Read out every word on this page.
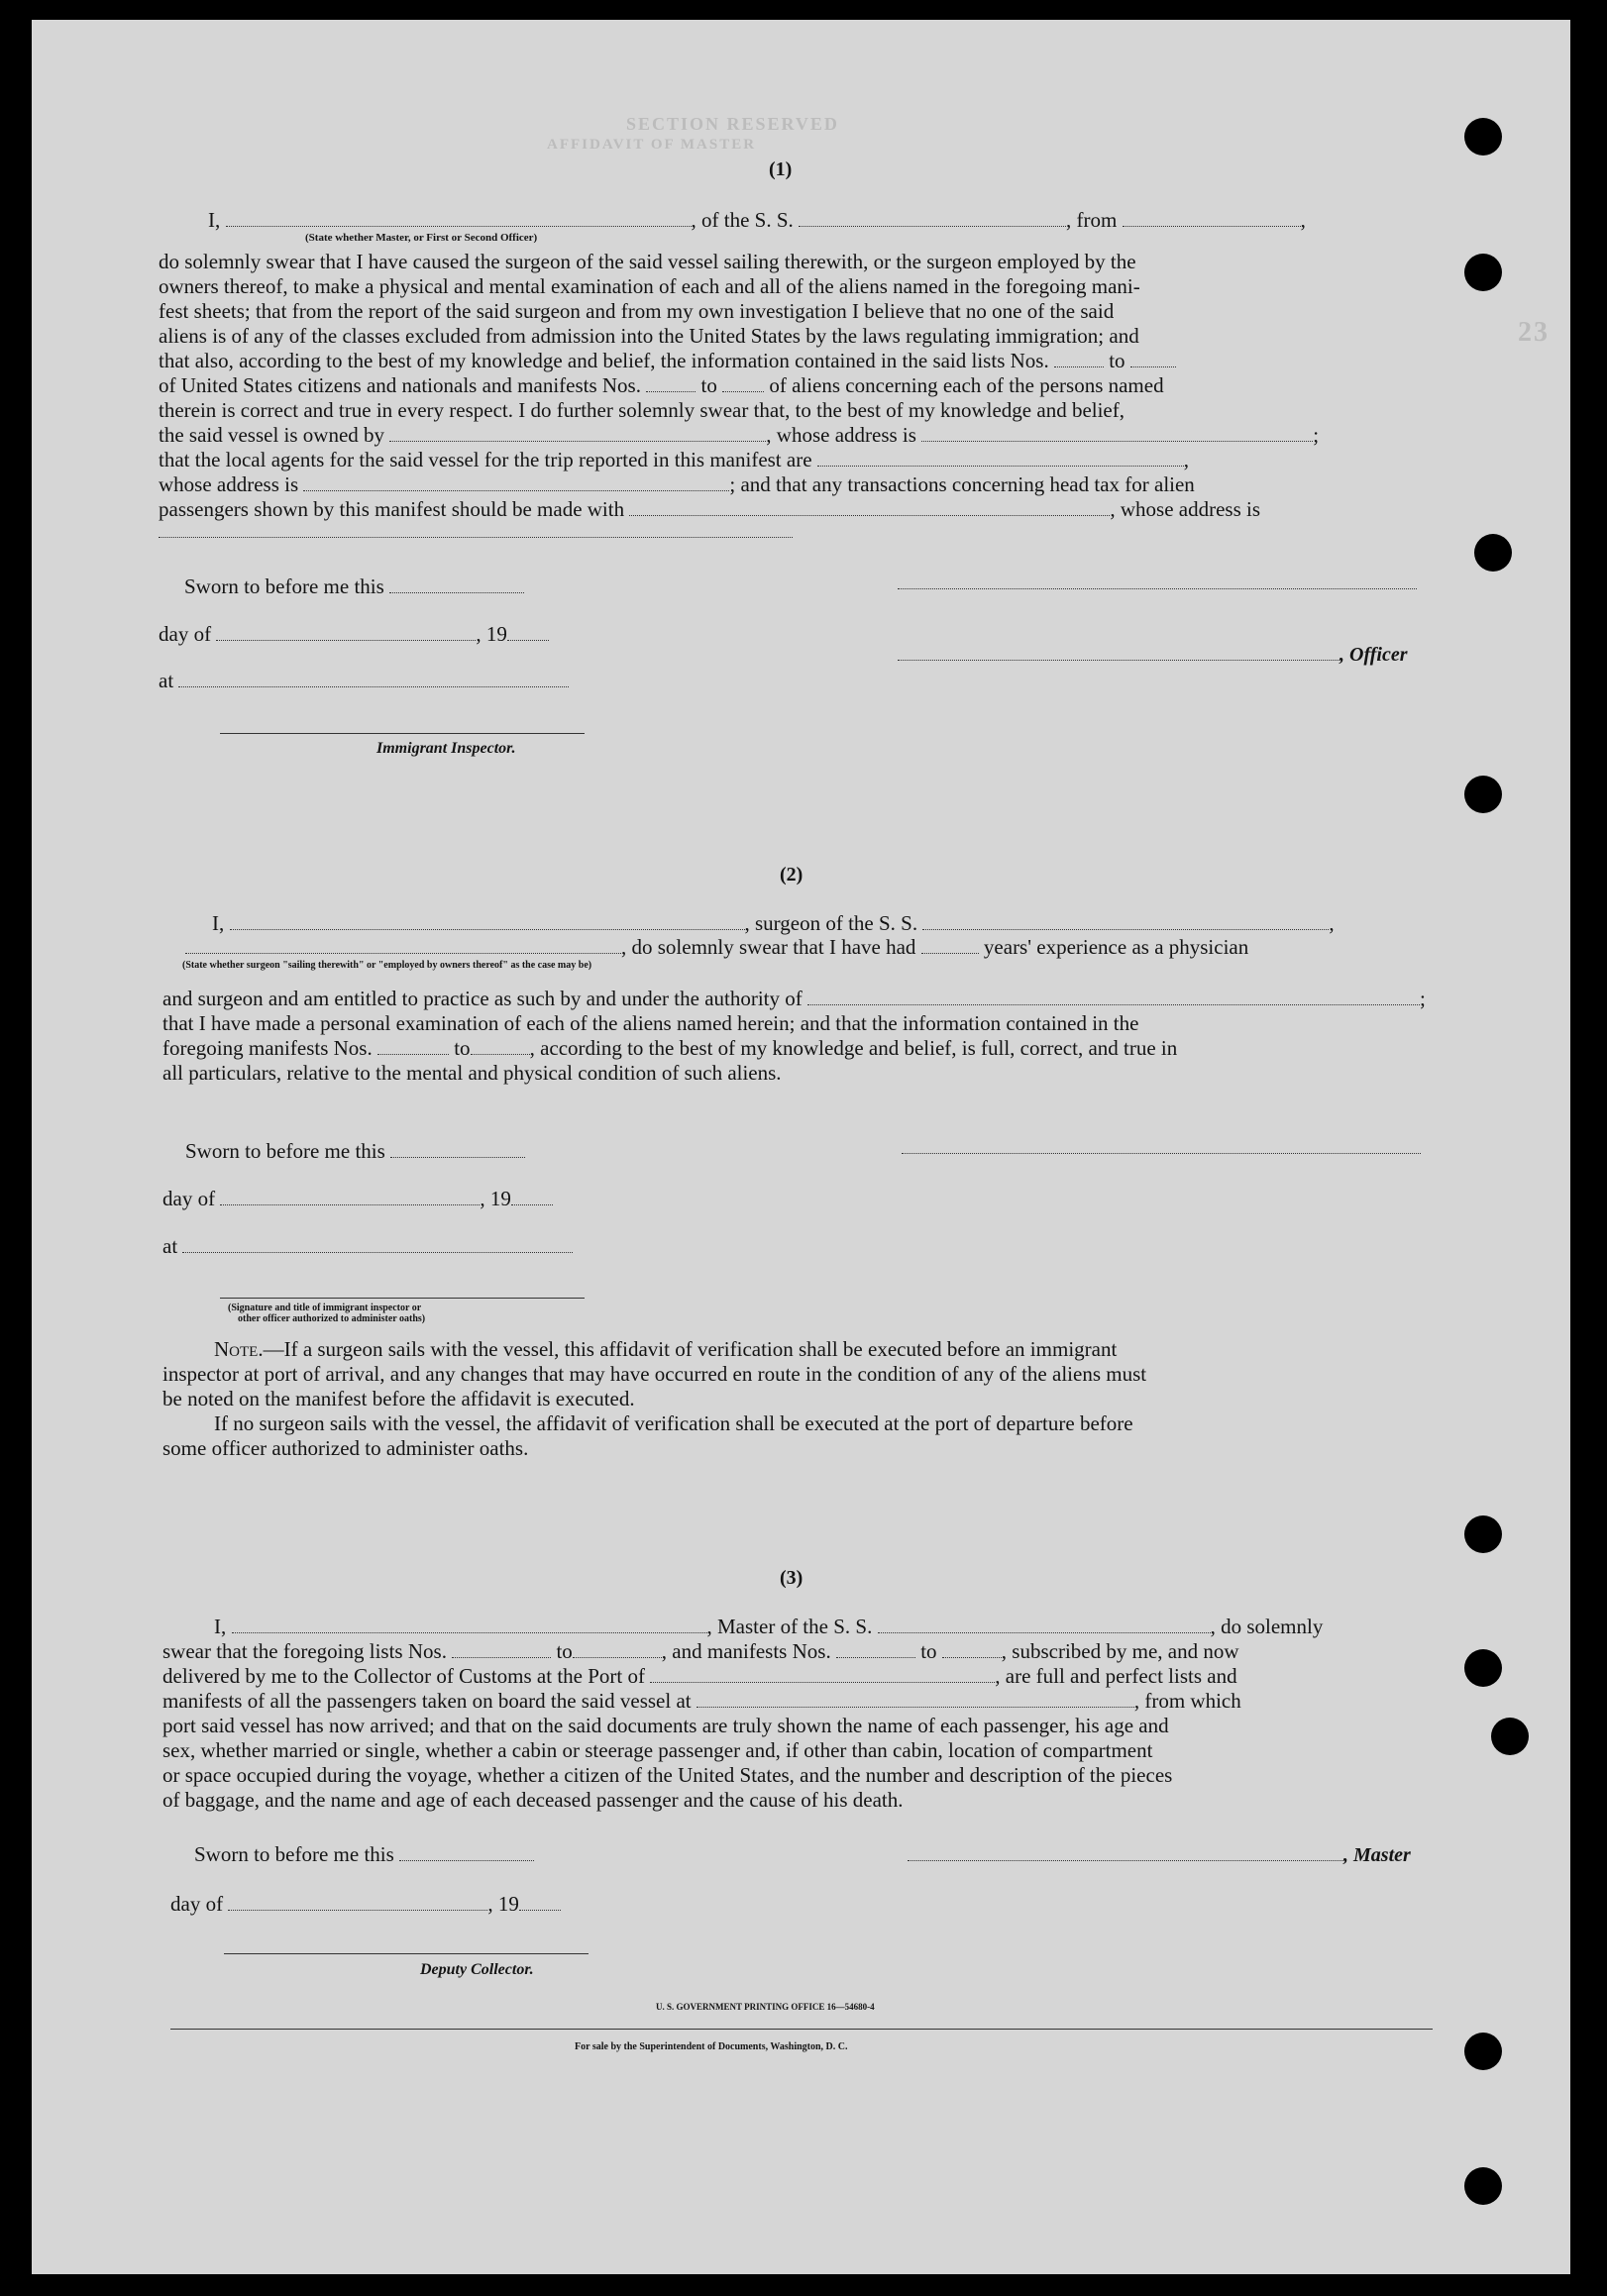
SECTION RESERVED
AFFIDAVIT OF MASTER
23
(1)
I,	, of the S. S.	, from	,
(State whether Master, or First or Second Officer)
do solemnly swear that I have caused the surgeon of the said vessel sailing therewith, or the surgeon employed by the
owners thereof, to make a physical and mental examination of each and all of the aliens named in the foregoing mani-
fest sheets; that from the report of the said surgeon and from my own investigation I believe that no one of the said
aliens is of any of the classes excluded from admission into the United States by the laws regulating immigration; and
that also, according to the best of my knowledge and belief, the information contained in the said lists Nos.	to
of United States citizens and nationals and manifests Nos.	to	of aliens concerning each of the persons named
therein is correct and true in every respect. I do further solemnly swear that, to the best of my knowledge and belief,
the said vessel is owned by	, whose address is	;
that the local agents for the said vessel for the trip reported in this manifest are	,
whose address is	; and that any transactions concerning head tax for alien
passengers shown by this manifest should be made with	, whose address is
Sworn to before me this
day of	, 19
at
Immigrant Inspector.
, Officer
(2)
I,	, surgeon of the S. S.	,
, do solemnly swear that I have had	years' experience as a physician
(State whether surgeon "sailing therewith" or "employed by owners thereof" as the case may be)
and surgeon and am entitled to practice as such by and under the authority of	;
that I have made a personal examination of each of the aliens named herein; and that the information contained in the
foregoing manifests Nos.	to	, according to the best of my knowledge and belief, is full, correct, and true in
all particulars, relative to the mental and physical condition of such aliens.
Sworn to before me this
day of	, 19
at
(Signature and title of immigrant inspector or
other officer authorized to administer oaths)
Note.—If a surgeon sails with the vessel, this affidavit of verification shall be executed before an immigrant
inspector at port of arrival, and any changes that may have occurred en route in the condition of any of the aliens must
be noted on the manifest before the affidavit is executed.
If no surgeon sails with the vessel, the affidavit of verification shall be executed at the port of departure before
some officer authorized to administer oaths.
(3)
I,	, Master of the S. S.	, do solemnly
swear that the foregoing lists Nos.	to	, and manifests Nos.	to	, subscribed by me, and now
delivered by me to the Collector of Customs at the Port of	, are full and perfect lists and
manifests of all the passengers taken on board the said vessel at	, from which
port said vessel has now arrived; and that on the said documents are truly shown the name of each passenger, his age and
sex, whether married or single, whether a cabin or steerage passenger and, if other than cabin, location of compartment
or space occupied during the voyage, whether a citizen of the United States, and the number and description of the pieces
of baggage, and the name and age of each deceased passenger and the cause of his death.
Sworn to before me this	, Master
day of	, 19
Deputy Collector.
U. S. GOVERNMENT PRINTING OFFICE 16—54680-4
For sale by the Superintendent of Documents, Washington, D. C.
